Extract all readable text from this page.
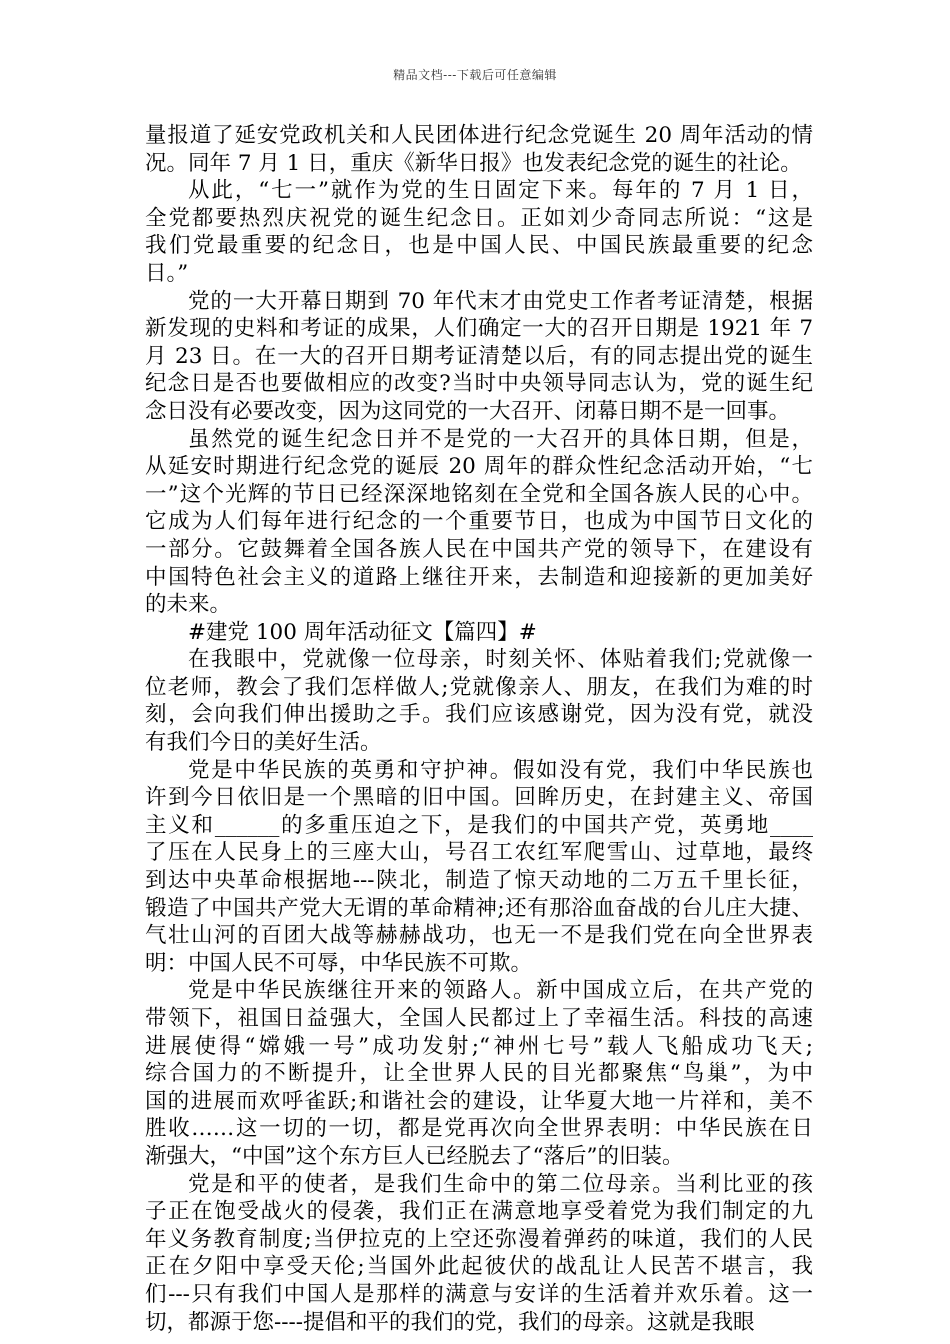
精品文档---下载后可任意编辑
量报道了延安党政机关和人民团体进行纪念党诞生 20 周年活动的情
况。同年 7 月 1 日，重庆《新华日报》也发表纪念党的诞生的社论。
从此，“七一”就作为党的生日固定下来。每年的 7 月 1 日，
全党都要热烈庆祝党的诞生纪念日。正如刘少奇同志所说：“这是
我们党最重要的纪念日，也是中国人民、中国民族最重要的纪念
日。”
党的一大开幕日期到 70 年代末才由党史工作者考证清楚，根据
新发现的史料和考证的成果，人们确定一大的召开日期是 1921 年 7
月 23 日。在一大的召开日期考证清楚以后，有的同志提出党的诞生
纪念日是否也要做相应的改变?当时中央领导同志认为，党的诞生纪
念日没有必要改变，因为这同党的一大召开、闭幕日期不是一回事。
虽然党的诞生纪念日并不是党的一大召开的具体日期，但是，
从延安时期进行纪念党的诞辰 20 周年的群众性纪念活动开始，“七
一”这个光辉的节日已经深深地铭刻在全党和全国各族人民的心中。
它成为人们每年进行纪念的一个重要节日，也成为中国节日文化的
一部分。它鼓舞着全国各族人民在中国共产党的领导下，在建设有
中国特色社会主义的道路上继往开来，去制造和迎接新的更加美好
的未来。
#建党 100 周年活动征文【篇四】#
在我眼中，党就像一位母亲，时刻关怀、体贴着我们;党就像一
位老师，教会了我们怎样做人;党就像亲人、朋友，在我们为难的时
刻，会向我们伸出援助之手。我们应该感谢党，因为没有党，就没
有我们今日的美好生活。
党是中华民族的英勇和守护神。假如没有党，我们中华民族也
许到今日依旧是一个黑暗的旧中国。回眸历史，在封建主义、帝国
主义和______的多重压迫之下，是我们的中国共产党，英勇地____
了压在人民身上的三座大山，号召工农红军爬雪山、过草地，最终
到达中央革命根据地---陕北，制造了惊天动地的二万五千里长征，
锻造了中国共产党大无谓的革命精神;还有那浴血奋战的台儿庄大捷、
气壮山河的百团大战等赫赫战功，也无一不是我们党在向全世界表
明：中国人民不可辱，中华民族不可欺。
党是中华民族继往开来的领路人。新中国成立后，在共产党的
带领下，祖国日益强大，全国人民都过上了幸福生活。科技的高速
进展使得“嫦娥一号”成功发射;“神州七号”载人飞船成功飞天;
综合国力的不断提升，让全世界人民的目光都聚焦“鸟巢”，为中
国的进展而欢呼雀跃;和谐社会的建设，让华夏大地一片祥和，美不
胜收……这一切的一切，都是党再次向全世界表明：中华民族在日
渐强大，“中国”这个东方巨人已经脱去了“落后”的旧装。
党是和平的使者，是我们生命中的第二位母亲。当利比亚的孩
子正在饱受战火的侵袭，我们正在满意地享受着党为我们制定的九
年义务教育制度;当伊拉克的上空还弥漫着弹药的味道，我们的人民
正在夕阳中享受天伦;当国外此起彼伏的战乱让人民苦不堪言，我
们---只有我们中国人是那样的满意与安详的生活着并欢乐着。这一
切，都源于您----提倡和平的我们的党，我们的母亲。这就是我眼
